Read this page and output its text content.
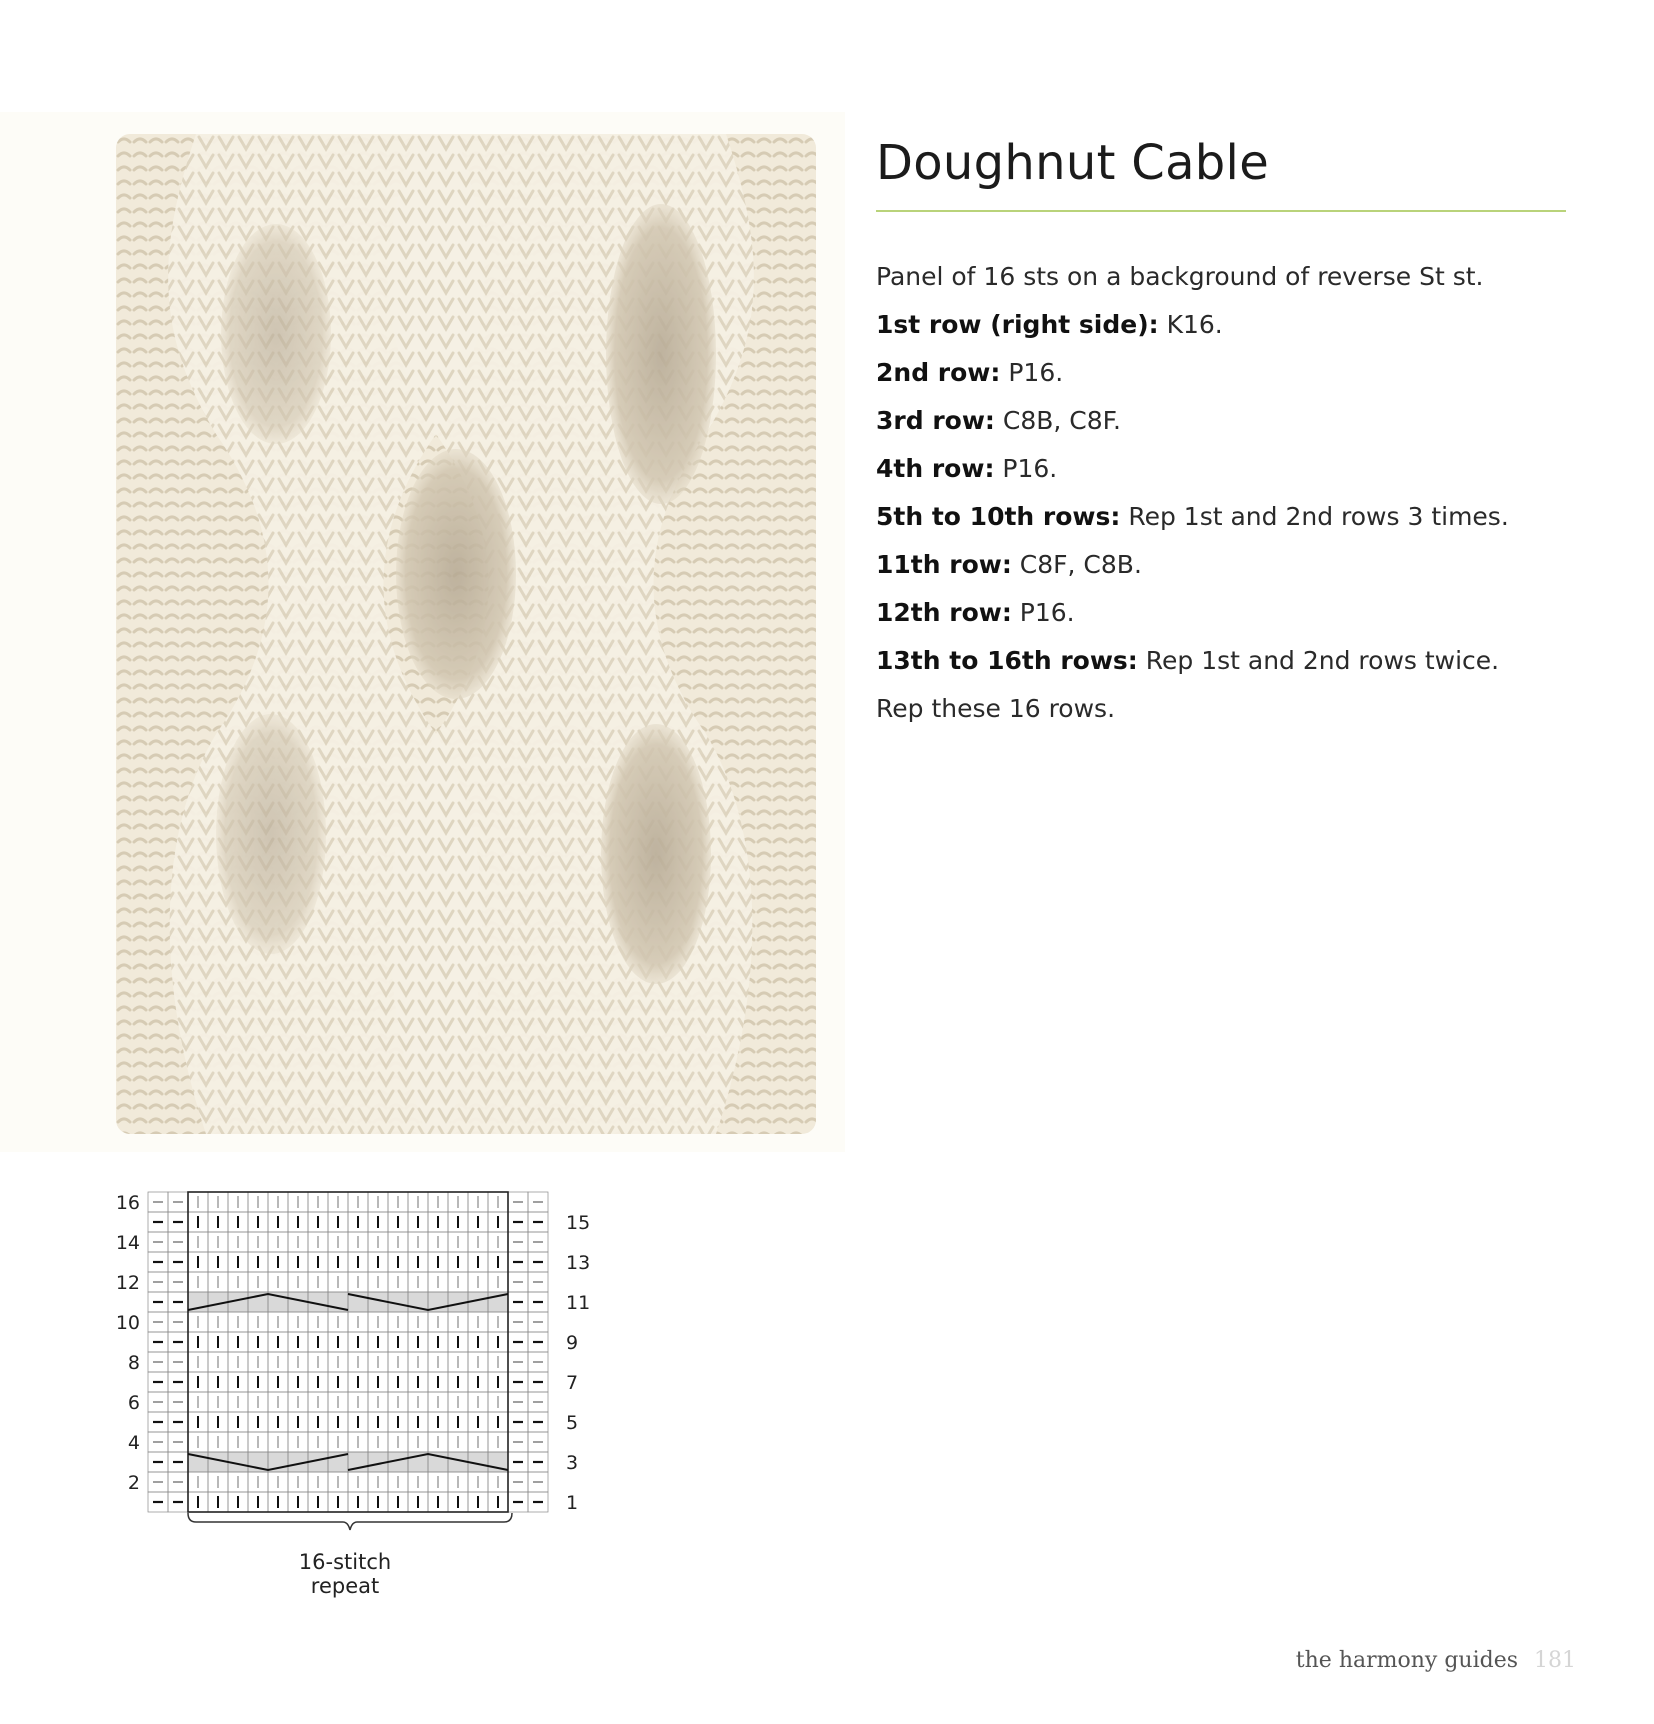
Doughnut Cable
Panel of 16 sts on a background of reverse St st.
1st row (right side): K16.
2nd row: P16.
3rd row: C8B, C8F.
4th row: P16.
5th to 10th rows: Rep 1st and 2nd rows 3 times.
11th row: C8F, C8B.
12th row: P16.
13th to 16th rows: Rep 1st and 2nd rows twice.
Rep these 16 rows.
16
14
12
10
8
6
4
2
15
13
11
9
7
5
3
1
16-stitch repeat
the harmony guides 181
